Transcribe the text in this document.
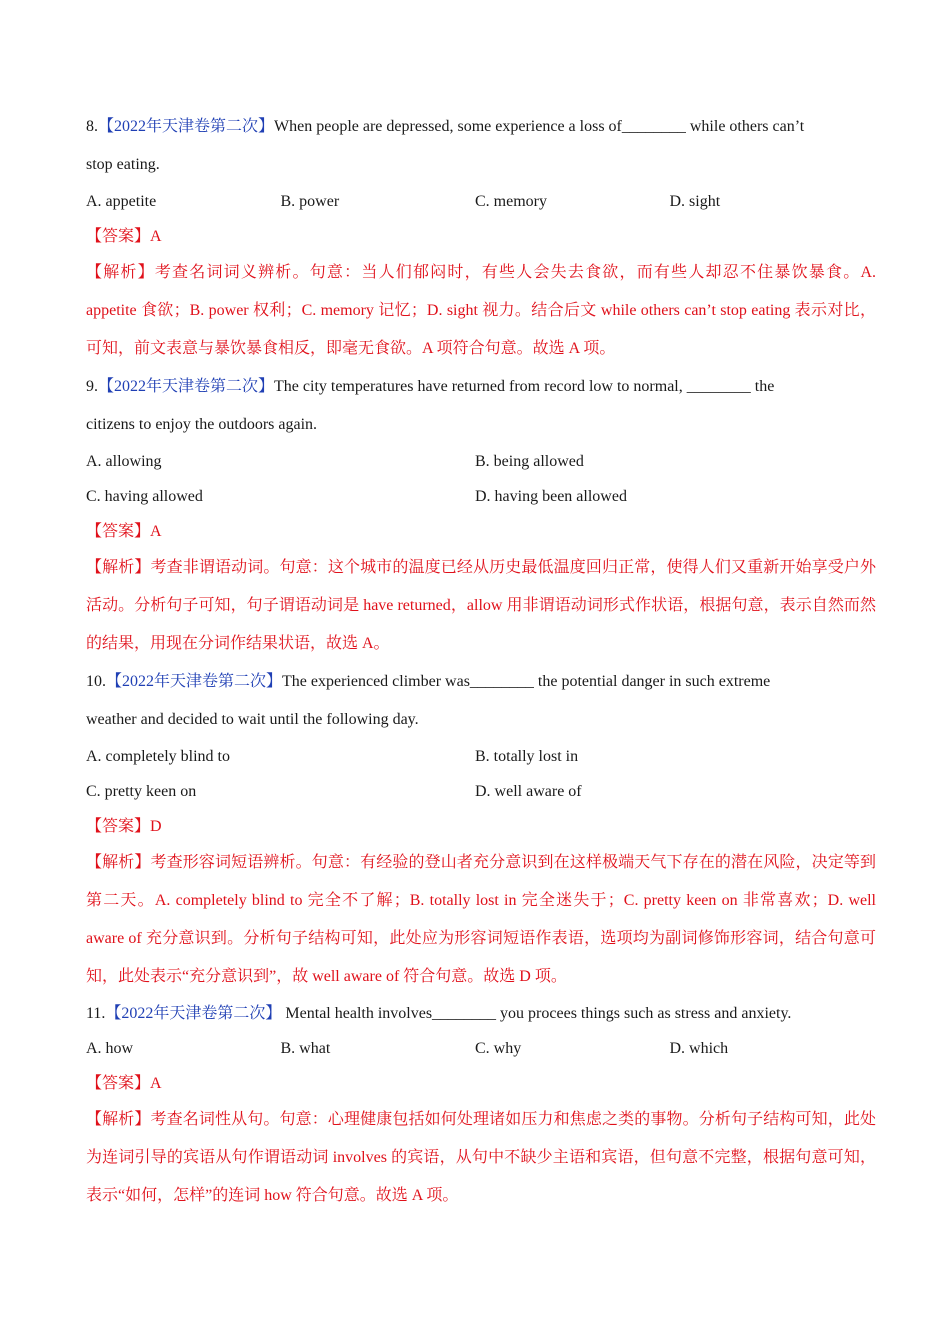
8.【2022年天津卷第二次】When people are depressed, some experience a loss of________ while others can’t
stop eating.
A. appetite	B. power	C. memory	D. sight
【答案】A
【解析】考查名词词义辨析。句意：当人们郁闷时，有些人会失去食欲，而有些人却忍不住暴饮暴食。A. appetite 食欲；B. power 权利；C. memory 记忆；D. sight 视力。结合后文 while others can’t stop eating 表示对比，可知，前文表意与暴饮暴食相反，即毫无食欲。A 项符合句意。故选 A 项。
9.【2022年天津卷第二次】The city temperatures have returned from record low to normal, ________ the
citizens to enjoy the outdoors again.
A. allowing	B. being allowed
C. having allowed	D. having been allowed
【答案】A
【解析】考查非谓语动词。句意：这个城市的温度已经从历史最低温度回归正常，使得人们又重新开始享受户外活动。分析句子可知，句子谓语动词是 have returned，allow 用非谓语动词形式作状语，根据句意，表示自然而然的结果，用现在分词作结果状语，故选 A。
10.【2022年天津卷第二次】The experienced climber was________ the potential danger in such extreme
weather and decided to wait until the following day.
A. completely blind to	B. totally lost in
C. pretty keen on	D. well aware of
【答案】D
【解析】考查形容词短语辨析。句意：有经验的登山者充分意识到在这样极端天气下存在的潜在风险，决定等到第二天。A. completely blind to 完全不了解；B. totally lost in 完全迷失于；C. pretty keen on 非常喜欢；D. well aware of 充分意识到。分析句子结构可知，此处应为形容词短语作表语，选项均为副词修饰形容词，结合句意可知，此处表示“充分意识到”，故 well aware of 符合句意。故选 D 项。
11.【2022年天津卷第二次】 Mental health involves________ you procees things such as stress and anxiety.
A. how	B. what	C. why	D. which
【答案】A
【解析】考查名词性从句。句意：心理健康包括如何处理诸如压力和焦虑之类的事物。分析句子结构可知，此处为连词引导的宾语从句作谓语动词 involves 的宾语，从句中不缺少主语和宾语，但句意不完整，根据句意可知，表示“如何，怎样”的连词 how 符合句意。故选 A 项。
